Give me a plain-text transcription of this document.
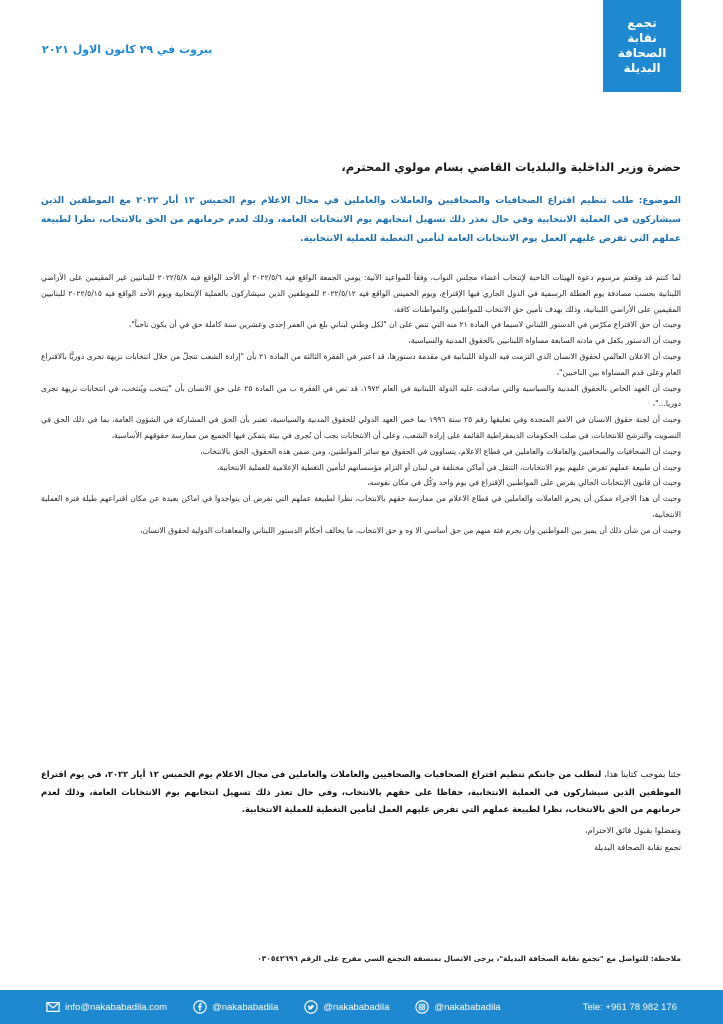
تجمع
نقابة
الصحافة
البديلة
بيروت في ٢٩ كانون الاول ٢٠٢١
حضرة وزير الداخلية والبلديات القاضي بسام مولوي المحترم،
الموضوع: طلب تنظيم اقتراع الصحافيات والصحافيين والعاملات والعاملين في مجال الاعلام يوم الخميس ١٢ أيار ٢٠٢٢ مع الموظفين الذين سيشاركون في العملية الانتخابية وفي حال تعذر ذلك تسهيل انتخابهم يوم الانتخابات العامة، وذلك لعدم حرمانهم من الحق بالانتخاب، نظرا لطبيعة عملهم التي تفرض عليهم العمل يوم الانتخابات العامة لتأمين التغطية للعملية الانتخابية.

لما كنتم قد وقعتم مرسوم دعوة الهيئات الناخبة لإنتخاب أعضاء مجلس النواب، وفقاً للمواعيد الآتية: يومي الجمعة الواقع فيه ٢٠٢٢/٥/٦ أو الأحد الواقع فيه ٢٠٢٢/٥/٨ للبنانيين غير المقيمين على الأراضي اللبنانية بحسب مصادفة يوم العطلة الرسمية في الدول الجاري فيها الإقتراع، ويوم الخميس الواقع فيه ٢٠٢٢/٥/١٢ للموظفين الذين سيشاركون بالعملية الإنتخابية ويوم الأحد الواقع فيه ٢٠٢٢/٥/١٥ للبنانيين المقيمين على الأراضي اللبنانية، وذلك بهدف تأمين حق الانتخاب للمواطنين والمواطنات كافة،

وحيث أن حق الاقتراع مكرّس في الدستور اللبناني لاسيما في المادة ٢١ منه التي تنص على ان "لكل وطني لبناني بلغ من العمر إحدى وعشرين سنة كاملة حق في أن يكون ناخباً"،

وحيث أن الدستور يكفل في مادته السابعة مساواة اللبنانيين بالحقوق المدنية والسياسية،

وحيث أن الاعلان العالمي لحقوق الانسان الذي التزمت فيه الدولة اللبنانية في مقدمة دستورها، قد اعتبر في الفقرة الثالثة من المادة ٢١ بأن "إرادة الشعب تتجلّ من خلال انتخابات نزيهة تجرى دوريًّا بالاقتراع العام وعلى قدم المساواة بين الناخبين"،

وحيث أن العهد الخاص بالحقوق المدنية والسياسية والتي صادقت عليه الدولة اللبنانية في العام ١٩٧٢، قد نص في الفقرة ب من المادة ٢٥ على حق الانسان بأن "يَنتخب ويُنتخب، في انتخابات نزيهة تجرى دوريا..."،

وحيث أن لجنة حقوق الانسان في الامم المتحدة وفي تعليقها رقم ٢٥ سنة ١٩٩٦ بما خص العهد الدولي للحقوق المدنية والسياسية، تعتبر بأن الحق في المشاركة في الشؤون العامة، بما في ذلك الحق في التصويت والترشح للانتخابات، في صلب الحكومات الديمقراطية القائمة على إرادة الشعب، وعلى أن الانتخابات يجب أن تُجرى في بيئة يتمكن فيها الجميع من ممارسة حقوقهم الأساسية،

وحيث أن الصحافيات والصحافيين والعاملات والعاملين في قطاع الاعلام، يتساوون في الحقوق مع سائر المواطنين، ومن ضمن هذه الحقوق، الحق بالانتخاب،

وحيث أن طبيعة عملهم تفرض عليهم يوم الانتخابات، التنقل في أماكن مختلفة في لبنان أو التزام مؤسساتهم لتأمين التغطية الإعلامية للعملية الانتخابية،

وحيث أن قانون الإنتخابات الحالي يفرض على المواطنين الإقتراع في يوم واحد وكُل في مكان نفوسه،

وحيث أن هذا الاجراء ممكن أن يحرم العاملات والعاملين في قطاع الاعلام من ممارسة حقهم بالانتخاب، نظرا لطبيعة عملهم التي تفرض ان يتواجدوا في اماكن بعيدة عن مكان اقتراعهم طيلة فترة العملية الانتخابية،

وحيث أن من شأن ذلك أن يميز بين المواطنين وأن يحرم فئة منهم من حق أساسي الا وه و حق الانتخاب، ما يخالف أحكام الدستور اللبناني والمعاهدات الدولية لحقوق الانسان،

جئنا بموجب كتابنا هذا، لنطلب من جانبكم تنظيم اقتراع الصحافيات والصحافيين والعاملات والعاملين في مجال الاعلام يوم الخميس ١٢ أيار ٢٠٢٢، في يوم اقتراع الموظفين الذين سيشاركون في العملية الانتخابية، حفاظا على حقهم بالانتخاب، وفي حال تعذر ذلك تسهيل انتخابهم يوم الانتخابات العامة، وذلك لعدم حرمانهم من الحق بالانتخاب، نظرا لطبيعة عملهم التي تفرض عليهم العمل لتأمين التغطية للعملية الانتخابية.
وتفضلوا بقبول فائق الاحترام،
تجمع نقابة الصحافة البديلة
ملاحظة: للتواصل مع "تجمع نقابة الصحافة البديلة"، يرجى الاتصال بمنسقة التجمع السي مفرج على الرقم ٠٣٠٥٤٢٦٩٦
info@nakababadila.com	@nakababadila	@nakababadila	@nakababadila	Tele: +961 78 982 176
